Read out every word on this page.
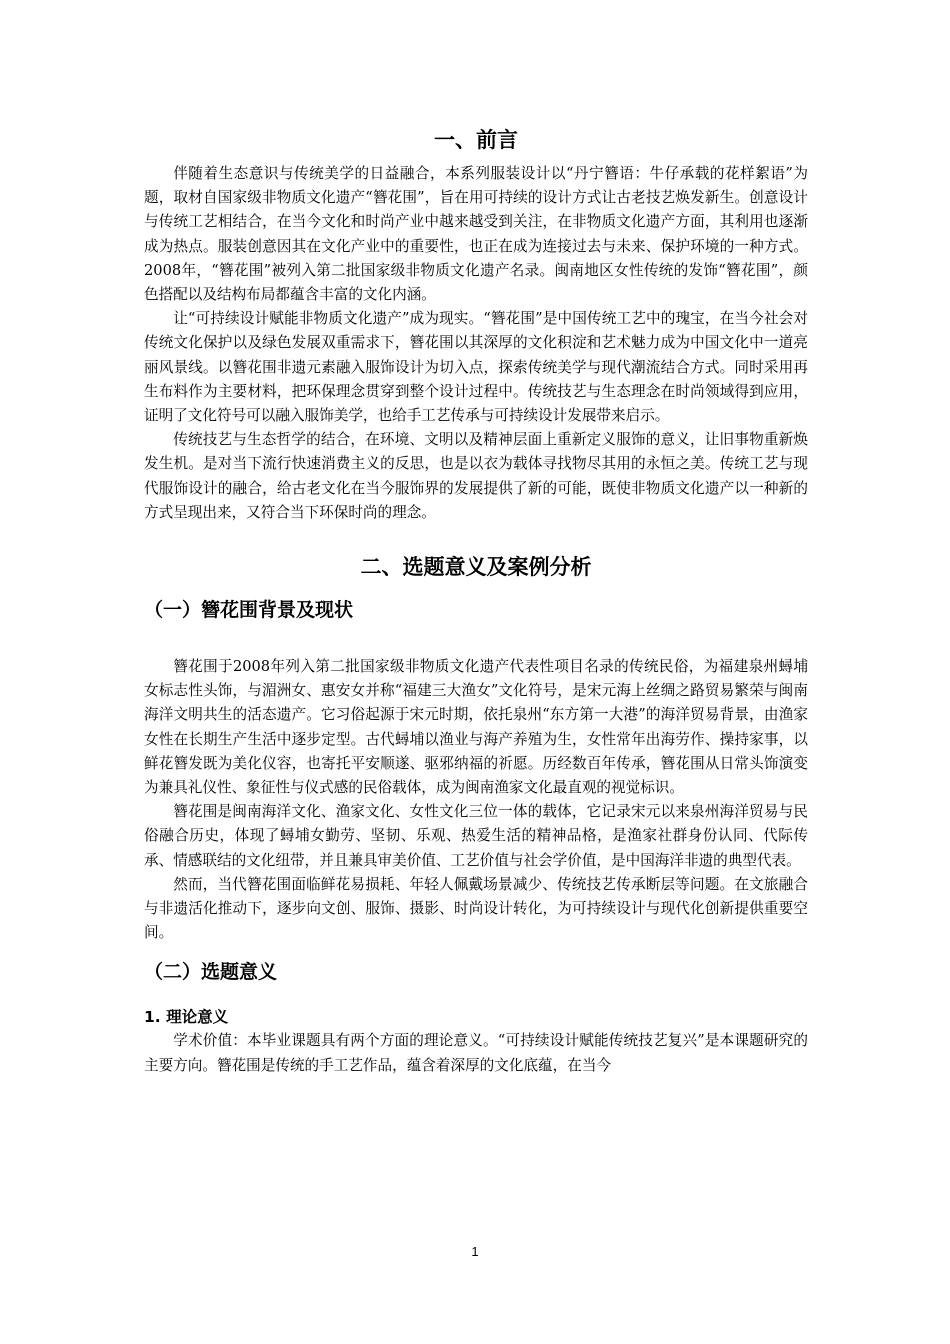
一、前言

伴随着生态意识与传统美学的日益融合，本系列服装设计以“丹宁簪语：牛仔承载的花样絮语”为题，取材自国家级非物质文化遗产“簪花围”，旨在用可持续的设计方式让古老技艺焕发新生。创意设计与传统工艺相结合，在当今文化和时尚产业中越来越受到关注，在非物质文化遗产方面，其利用也逐渐成为热点。服装创意因其在文化产业中的重要性，也正在成为连接过去与未来、保护环境的一种方式。2008年，“簪花围”被列入第二批国家级非物质文化遗产名录。闽南地区女性传统的发饰“簪花围”，颜色搭配以及结构布局都蕴含丰富的文化内涵。

让“可持续设计赋能非物质文化遗产”成为现实。“簪花围”是中国传统工艺中的瑰宝，在当今社会对传统文化保护以及绿色发展双重需求下，簪花围以其深厚的文化积淀和艺术魅力成为中国文化中一道亮丽风景线。以簪花围非遗元素融入服饰设计为切入点，探索传统美学与现代潮流结合方式。同时采用再生布料作为主要材料，把环保理念贯穿到整个设计过程中。传统技艺与生态理念在时尚领域得到应用，证明了文化符号可以融入服饰美学，也给手工艺传承与可持续设计发展带来启示。

传统技艺与生态哲学的结合，在环境、文明以及精神层面上重新定义服饰的意义，让旧事物重新焕发生机。是对当下流行快速消费主义的反思，也是以衣为载体寻找物尽其用的永恒之美。传统工艺与现代服饰设计的融合，给古老文化在当今服饰界的发展提供了新的可能，既使非物质文化遗产以一种新的方式呈现出来，又符合当下环保时尚的理念。

二、选题意义及案例分析
（一）簪花围背景及现状

簪花围于2008年列入第二批国家级非物质文化遗产代表性项目名录的传统民俗，为福建泉州蟳埔女标志性头饰，与湄洲女、惠安女并称“福建三大渔女”文化符号，是宋元海上丝绸之路贸易繁荣与闽南海洋文明共生的活态遗产。它习俗起源于宋元时期，依托泉州“东方第一大港”的海洋贸易背景，由渔家女性在长期生产生活中逐步定型。古代蟳埔以渔业与海产养殖为生，女性常年出海劳作、操持家事，以鲜花簪发既为美化仪容，也寄托平安顺遂、驱邪纳福的祈愿。历经数百年传承，簪花围从日常头饰演变为兼具礼仪性、象征性与仪式感的民俗载体，成为闽南渔家文化最直观的视觉标识。

簪花围是闽南海洋文化、渔家文化、女性文化三位一体的载体，它记录宋元以来泉州海洋贸易与民俗融合历史，体现了蟳埔女勤劳、坚韧、乐观、热爱生活的精神品格，是渔家社群身份认同、代际传承、情感联结的文化纽带，并且兼具审美价值、工艺价值与社会学价值，是中国海洋非遗的典型代表。

然而，当代簪花围面临鲜花易损耗、年轻人佩戴场景减少、传统技艺传承断层等问题。在文旅融合与非遗活化推动下，逐步向文创、服饰、摄影、时尚设计转化，为可持续设计与现代化创新提供重要空间。

（二）选题意义
1. 理论意义

学术价值：本毕业课题具有两个方面的理论意义。“可持续设计赋能传统技艺复兴”是本课题研究的主要方向。簪花围是传统的手工艺作品，蕴含着深厚的文化底蕴，在当今

1
